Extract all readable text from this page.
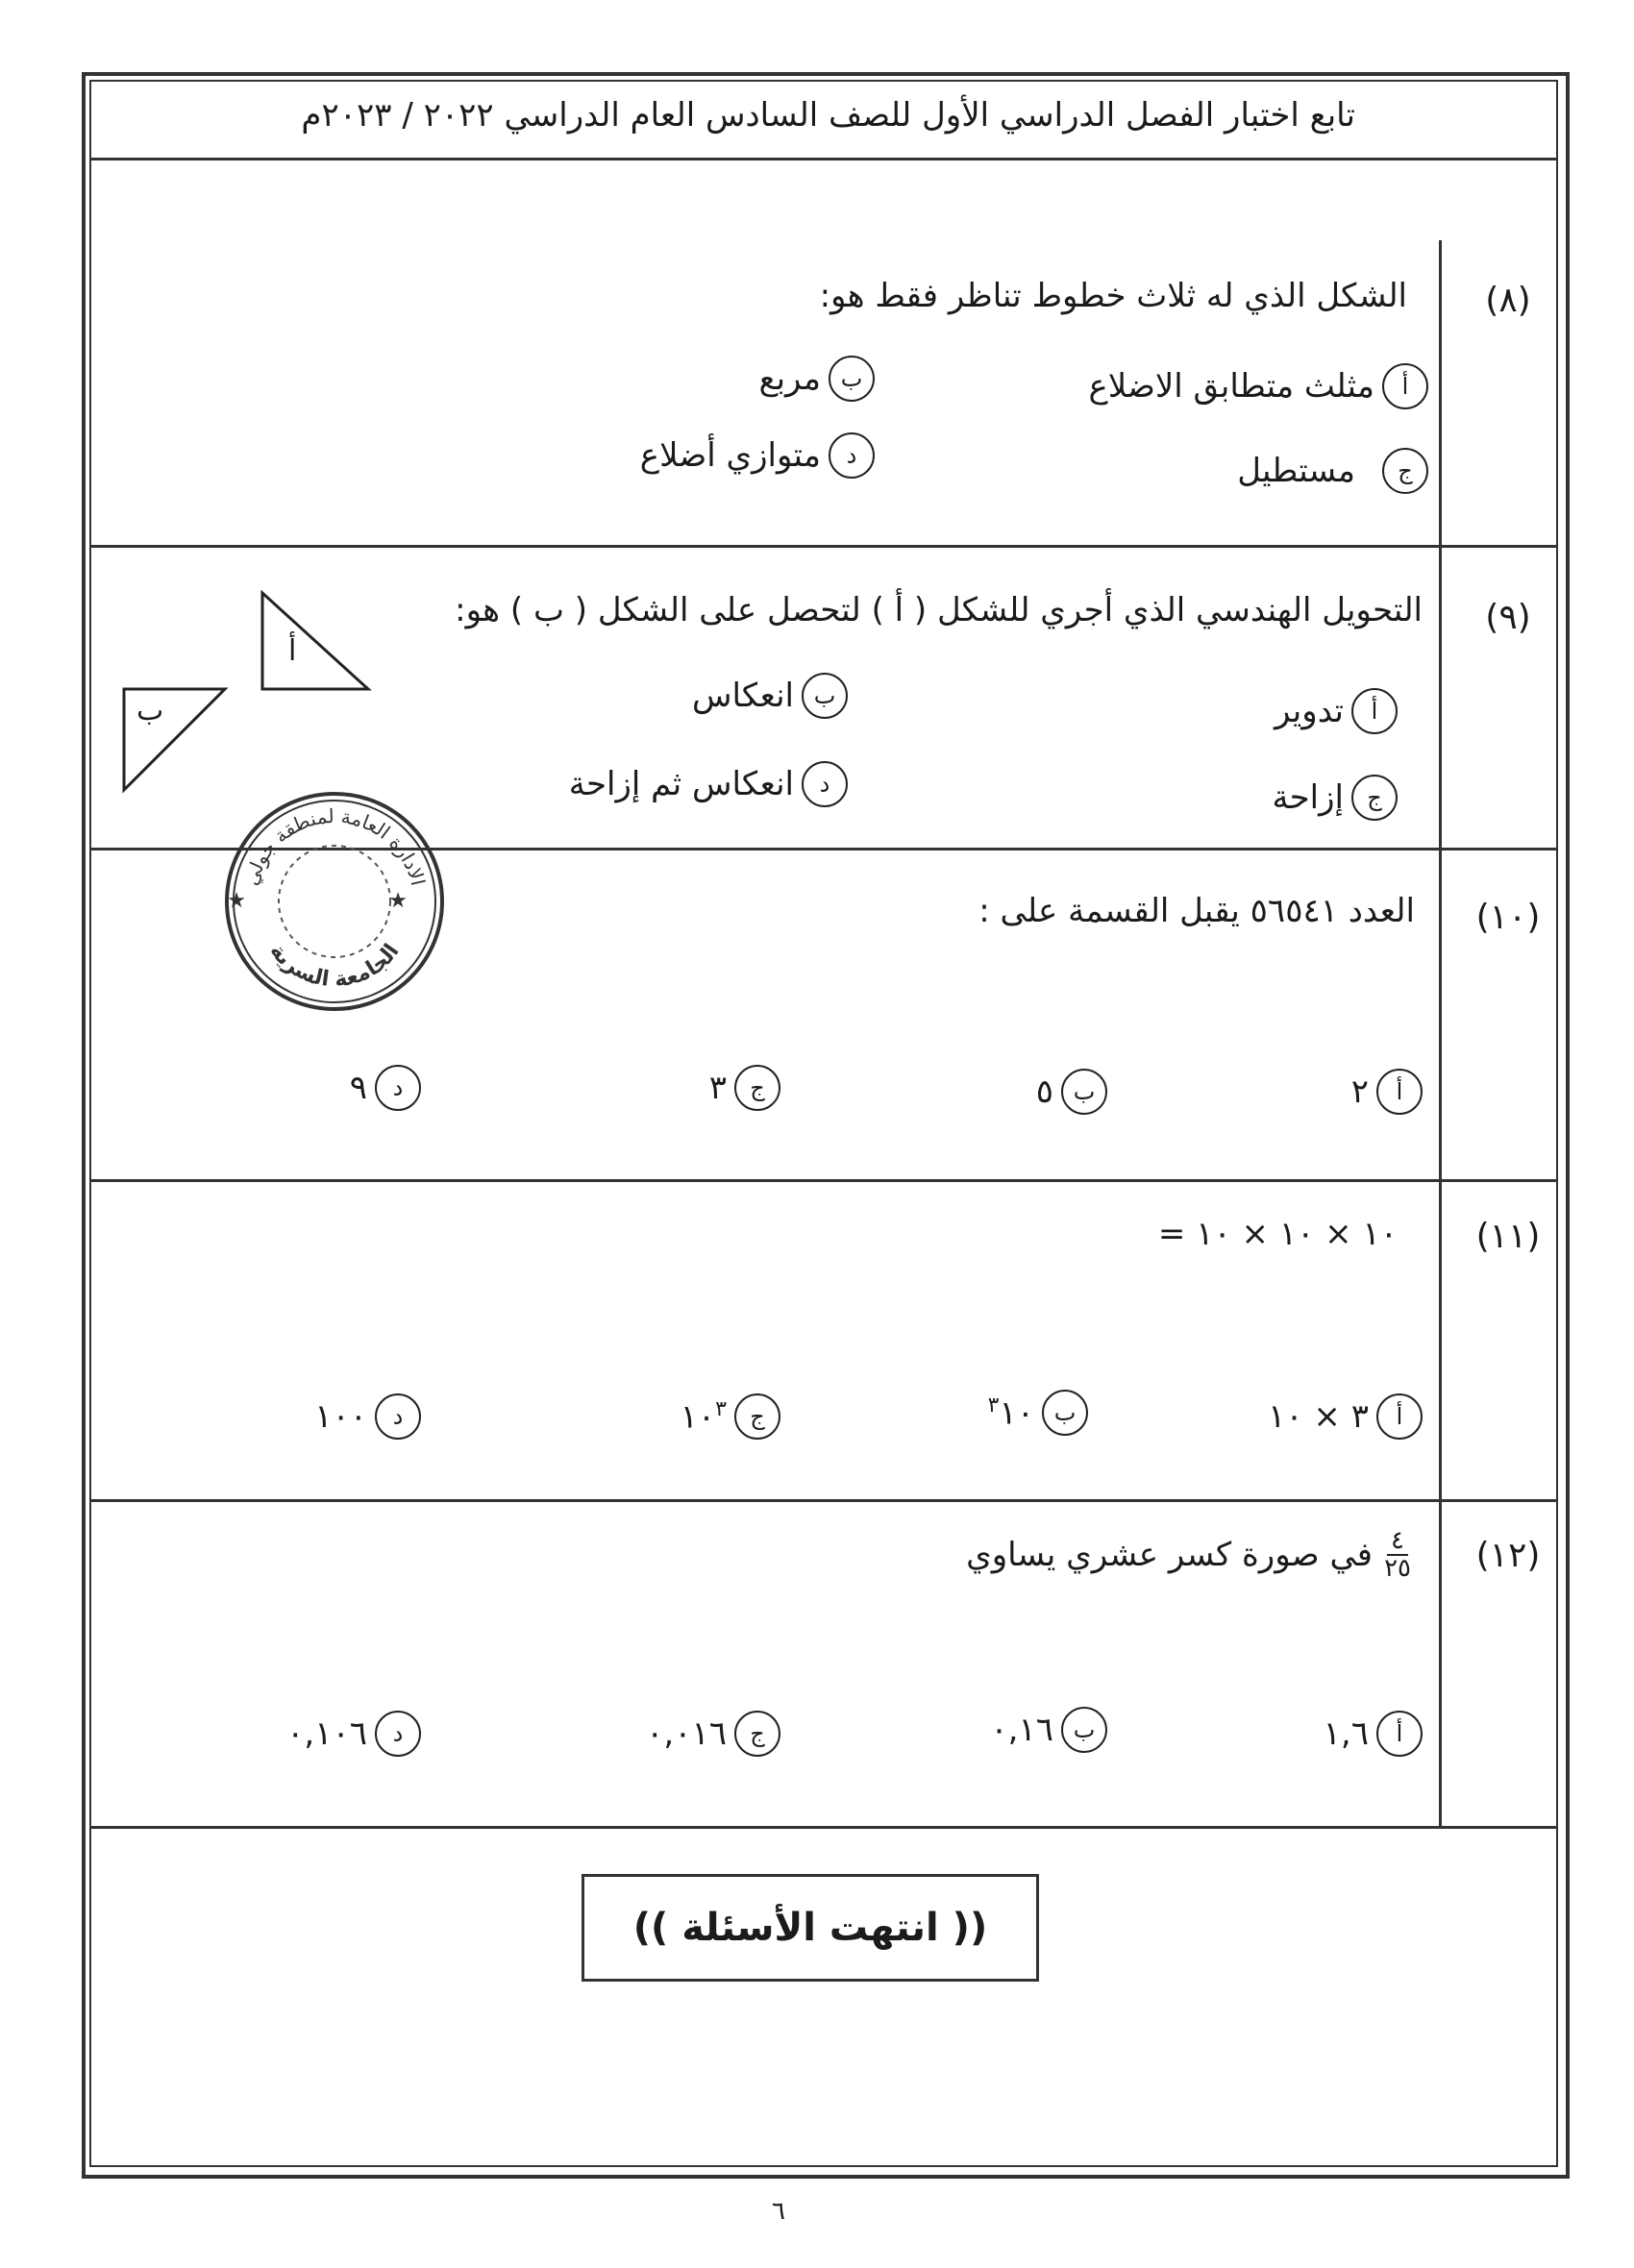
تابع اختبار الفصل الدراسي الأول للصف السادس العام الدراسي ٢٠٢٢ / ٢٠٢٣م
(٨)
الشكل الذي له ثلاث خطوط تناظر فقط هو:
أ
مثلث متطابق الاضلاع
ب
مربع
ج
مستطيل
د
متوازي أضلاع
(٩)
التحويل الهندسي الذي أجري للشكل ( أ ) لتحصل على الشكل ( ب ) هو:
أ
ب	أ
تدوير
ب
انعكاس
ج
إزاحة
د
انعكاس ثم إزاحة
الادارة العامة لمنطقة جولي
الجامعة السرية
★	★	(١٠)
العدد ٥٦٥٤١ يقبل القسمة على :
أ
٢
ب
٥
ج
٣
د
٩
(١١)
١٠ × ١٠ × ١٠ =
أ
٣ × ١٠
ب
$^٣$١٠
ج
$١٠^٣$
د
١٠٠
(١٢)
$\frac{٤}{٢٥}$
في صورة كسر عشري يساوي
أ
١,٦
ب
٠,١٦
ج
٠,٠١٦
د
٠,١٠٦
(( انتهت الأسئلة ))
٦
